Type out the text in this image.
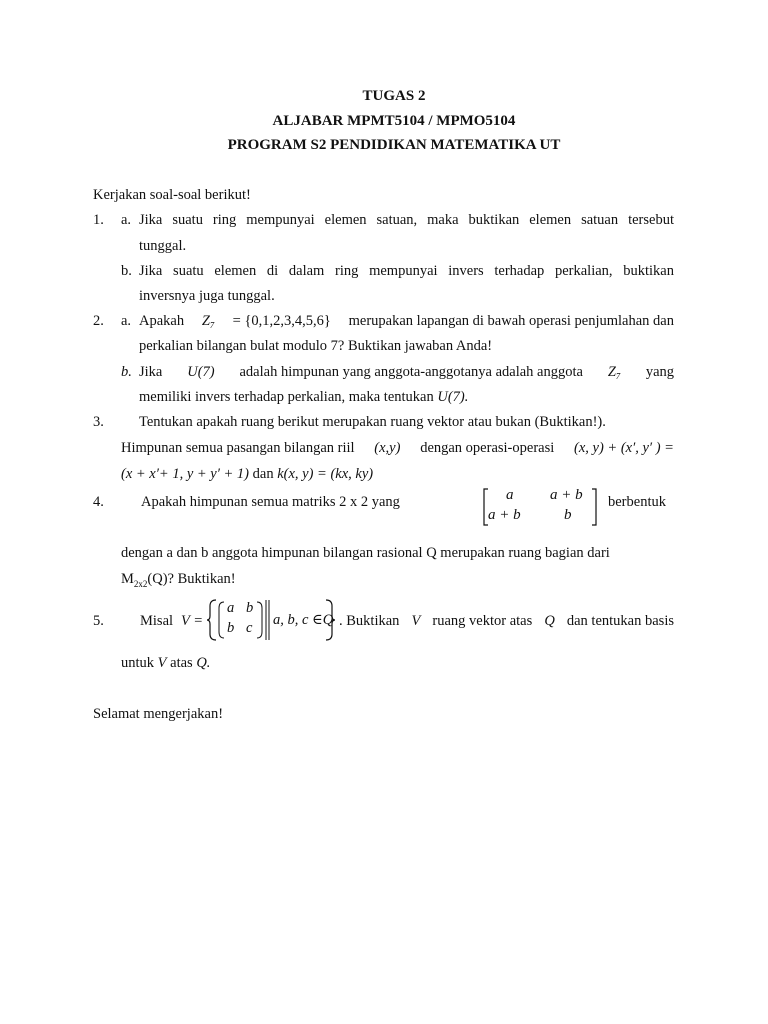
TUGAS 2
ALJABAR MPMT5104 / MPMO5104
PROGRAM S2 PENDIDIKAN MATEMATIKA UT
Kerjakan soal-soal berikut!
1. a. Jika suatu ring mempunyai elemen satuan, maka buktikan elemen satuan tersebut
tunggal.
b. Jika suatu elemen di dalam ring mempunyai invers terhadap perkalian, buktikan
inversnya juga tunggal.
2. a. Apakah Z₇ = {0,1,2,3,4,5,6} merupakan lapangan di bawah operasi penjumlahan dan
perkalian bilangan bulat modulo 7? Buktikan jawaban Anda!
b. Jika U(7) adalah himpunan yang anggota-anggotanya adalah anggota Z₇ yang
memiliki invers terhadap perkalian, maka tentukan U(7).
3. Tentukan apakah ruang berikut merupakan ruang vektor atau bukan (Buktikan!).
Himpunan semua pasangan bilangan riil (x,y) dengan operasi-operasi (x, y) + (x′, y′ ) =
(x + x′+ 1, y + y′ + 1) dan k(x, y) = (kx, ky)
4.	Apakah himpunan semua matriks 2 x 2 yang	a a + b
a + b	b
berbentuk
dengan a dan b anggota himpunan bilangan rasional Q merupakan ruang bagian dari
$M_{2x2}(Q)$? Buktikan!
5. Misal V =
a b
b c a, b, c ∈Q . Buktikan V ruang vektor atas Q dan tentukan basis
untuk V atas Q.
Selamat mengerjakan!
